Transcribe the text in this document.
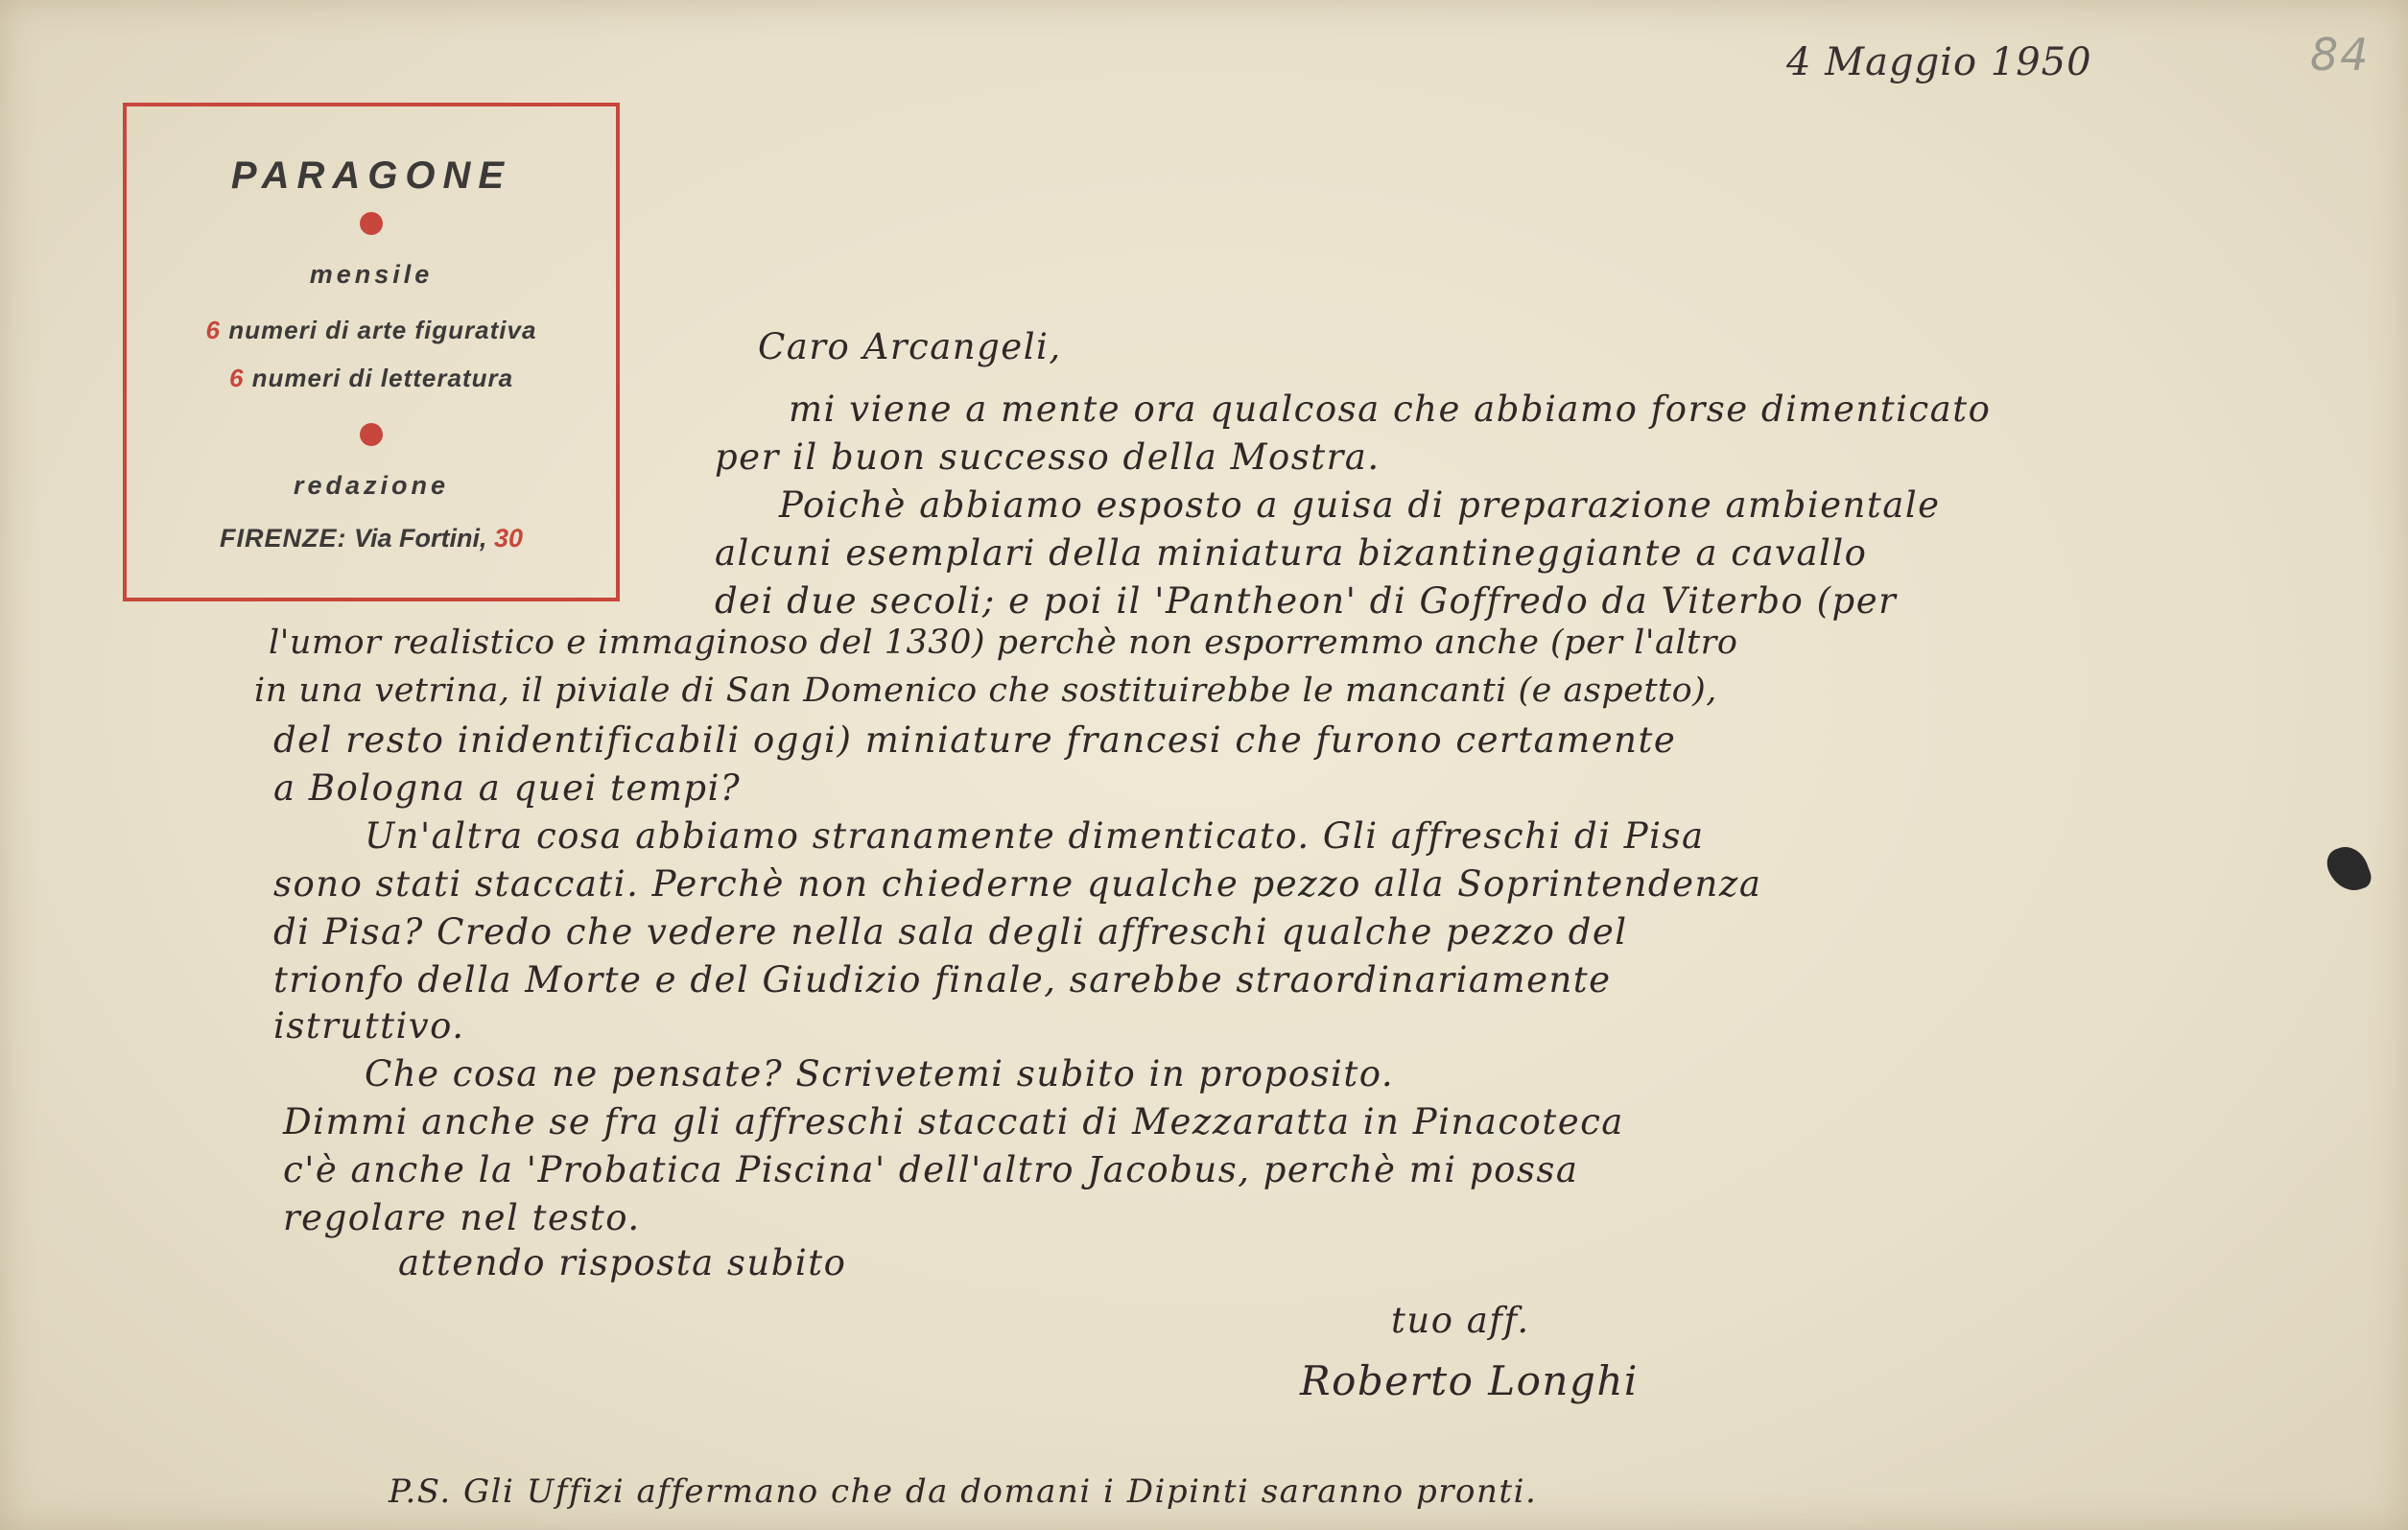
84
4 Maggio 1950
PARAGONE
mensile
6 numeri di arte figurativa
6 numeri di letteratura
redazione
FIRENZE: Via Fortini, 30
Caro Arcangeli,
mi viene a mente ora qualcosa che abbiamo forse dimenticato
per il buon successo della Mostra.
Poichè abbiamo esposto a guisa di preparazione ambientale
alcuni esemplari della miniatura bizantineggiante a cavallo
dei due secoli; e poi il 'Pantheon' di Goffredo da Viterbo (per
l'umor realistico e immaginoso del 1330) perchè non esporremmo anche (per l'altro
in una vetrina, il piviale di San Domenico che sostituirebbe le mancanti (e aspetto),
del resto inidentificabili oggi) miniature francesi che furono certamente
a Bologna a quei tempi?
Un'altra cosa abbiamo stranamente dimenticato. Gli affreschi di Pisa
sono stati staccati. Perchè non chiederne qualche pezzo alla Soprintendenza
di Pisa? Credo che vedere nella sala degli affreschi qualche pezzo del
trionfo della Morte e del Giudizio finale, sarebbe straordinariamente
istruttivo.
Che cosa ne pensate? Scrivetemi subito in proposito.
Dimmi anche se fra gli affreschi staccati di Mezzaratta in Pinacoteca
c'è anche la 'Probatica Piscina' dell'altro Jacobus, perchè mi possa
regolare nel testo.
attendo risposta subito
tuo aff.
Roberto Longhi
P.S. Gli Uffizi affermano che da domani i Dipinti saranno pronti.
